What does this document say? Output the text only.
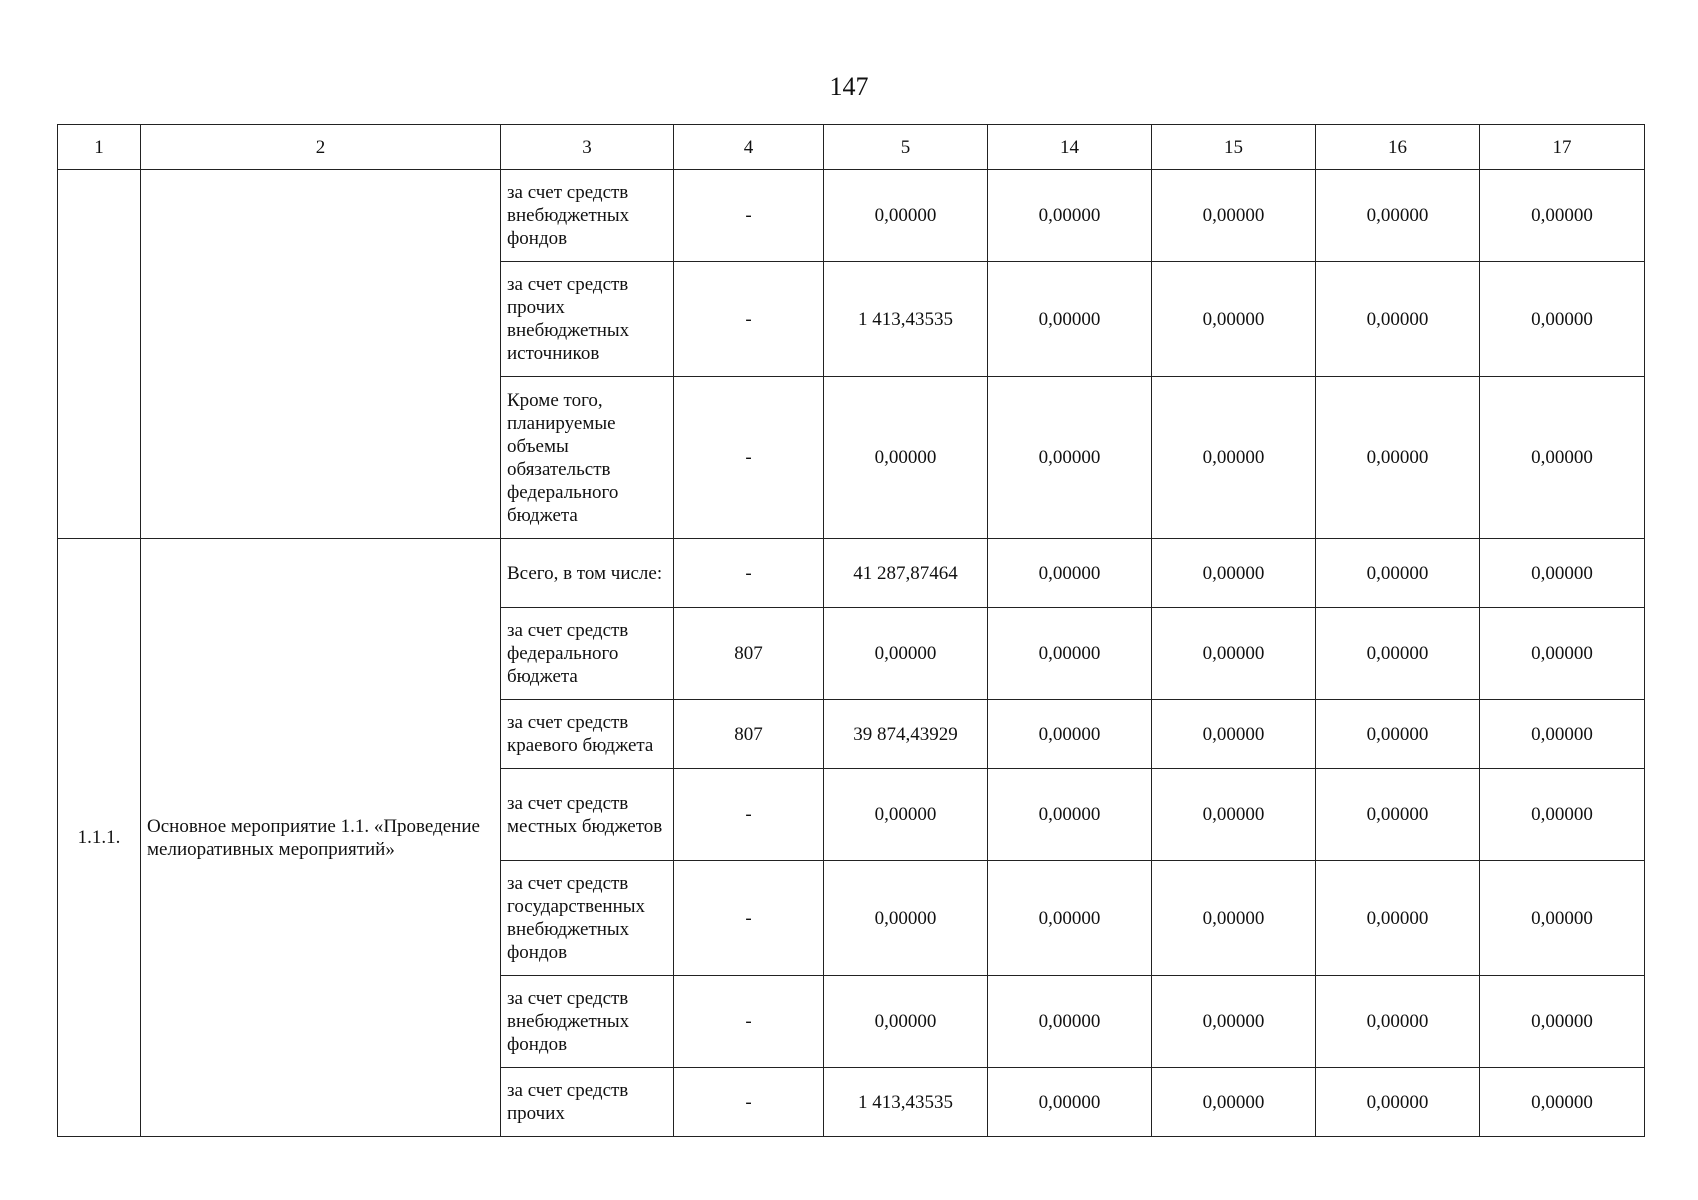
147
1	2	3	4	5	14	15	16	17
		за счет средств внебюджетных фондов	-	0,00000	0,00000	0,00000	0,00000	0,00000
		за счет средств прочих внебюджетных источников	-	1 413,43535	0,00000	0,00000	0,00000	0,00000
		Кроме того, планируемые объемы обязательств федерального бюджета	-	0,00000	0,00000	0,00000	0,00000	0,00000
1.1.1.	Основное мероприятие 1.1. «Проведение мелиоративных мероприятий»	Всего, в том числе:	-	41 287,87464	0,00000	0,00000	0,00000	0,00000
		за счет средств федерального бюджета	807	0,00000	0,00000	0,00000	0,00000	0,00000
		за счет средств краевого бюджета	807	39 874,43929	0,00000	0,00000	0,00000	0,00000
		за счет средств местных бюджетов	-	0,00000	0,00000	0,00000	0,00000	0,00000
		за счет средств государственных внебюджетных фондов	-	0,00000	0,00000	0,00000	0,00000	0,00000
		за счет средств внебюджетных фондов	-	0,00000	0,00000	0,00000	0,00000	0,00000
		за счет средств прочих	-	1 413,43535	0,00000	0,00000	0,00000	0,00000
